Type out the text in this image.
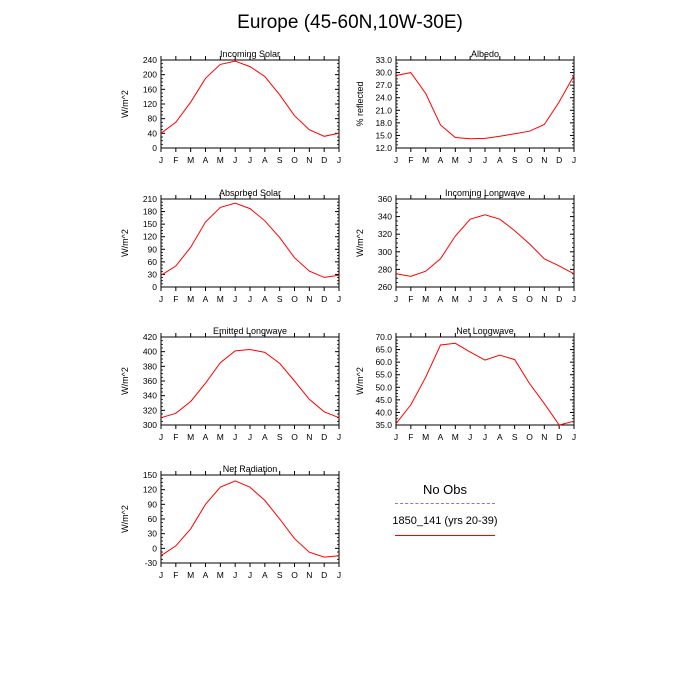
Europe (45-60N,10W-30E)
Incoming Solar
W/m^2
0
40
80
120
160
200
240
J F M A M J J A S O N D J
Albedo
% reflected
12.0
15.0
18.0
21.0
24.0
27.0
30.0
33.0
J F M A M J J A S O N D J
Absorbed Solar
W/m^2
0
30
60
90
120
150
180
210
J F M A M J J A S O N D J
Incoming Longwave
W/m^2
260
280
300
320
340
360
J F M A M J J A S O N D J
Emitted Longwave
W/m^2
300
320
340
360
380
400
420
J F M A M J J A S O N D J
Net Longwave
W/m^2
35.0
40.0
45.0
50.0
55.0
60.0
65.0
70.0
J F M A M J J A S O N D J
Net Radiation
W/m^2
-30
0
30
60
90
120
150
J F M A M J J A S O N D J
No Obs
1850_141 (yrs 20-39)
